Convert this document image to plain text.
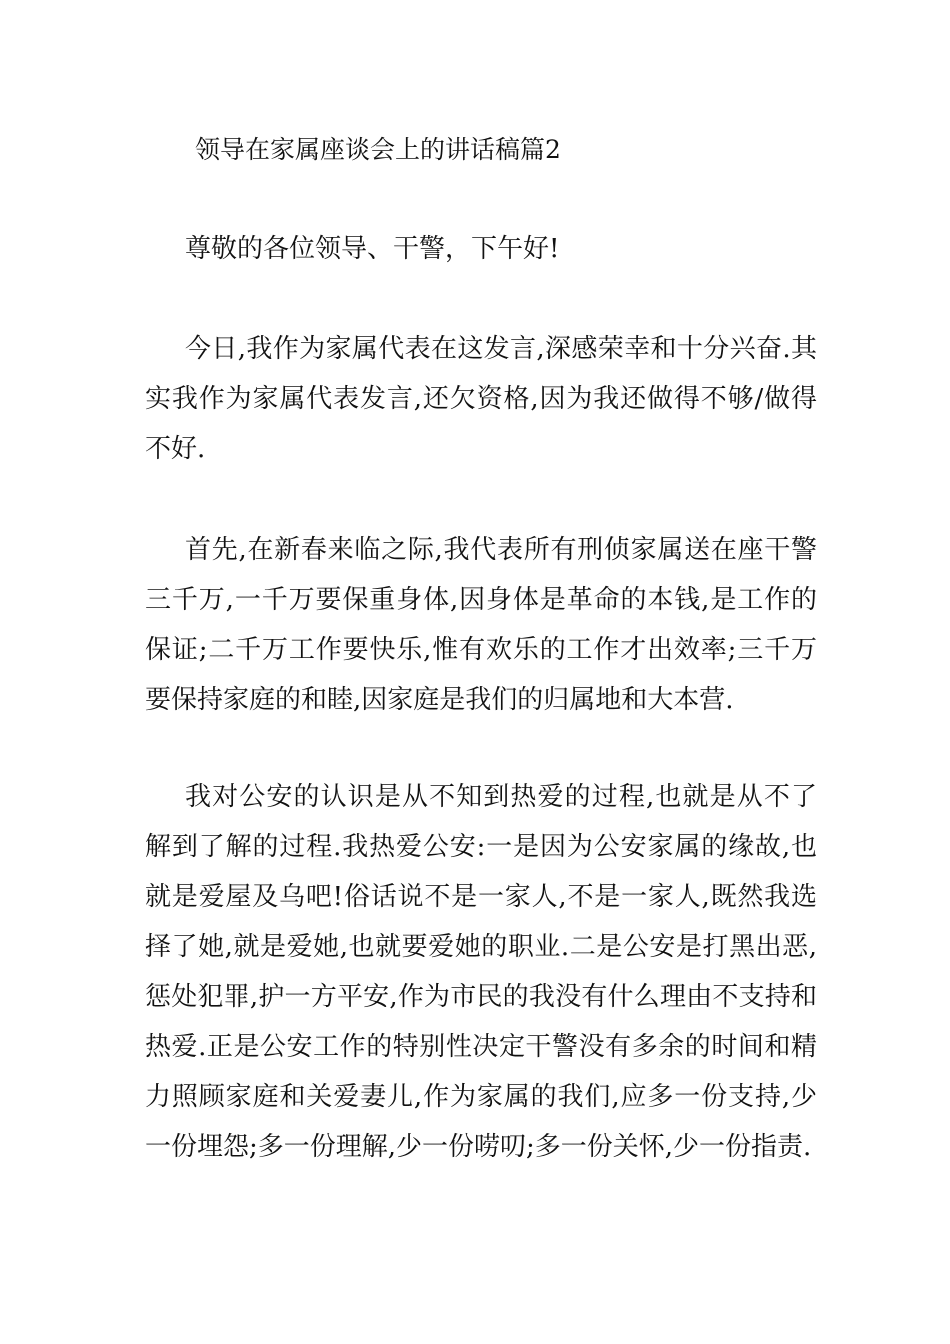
领导在家属座谈会上的讲话稿篇2

尊敬的各位领导、干警，下午好!

今日,我作为家属代表在这发言,深感荣幸和十分兴奋.其实我作为家属代表发言,还欠资格,因为我还做得不够/做得不好.

首先,在新春来临之际,我代表所有刑侦家属送在座干警三千万,一千万要保重身体,因身体是革命的本钱,是工作的保证;二千万工作要快乐,惟有欢乐的工作才出效率;三千万要保持家庭的和睦,因家庭是我们的归属地和大本营.

我对公安的认识是从不知到热爱的过程,也就是从不了解到了解的过程.我热爱公安:一是因为公安家属的缘故,也就是爱屋及乌吧!俗话说不是一家人,不是一家人,既然我选择了她,就是爱她,也就要爱她的职业.二是公安是打黑出恶,惩处犯罪,护一方平安,作为市民的我没有什么理由不支持和热爱.正是公安工作的特别性决定干警没有多余的时间和精力照顾家庭和关爱妻儿,作为家属的我们,应多一份支持,少一份埋怨;多一份理解,少一份唠叨;多一份关怀,少一份指责.
